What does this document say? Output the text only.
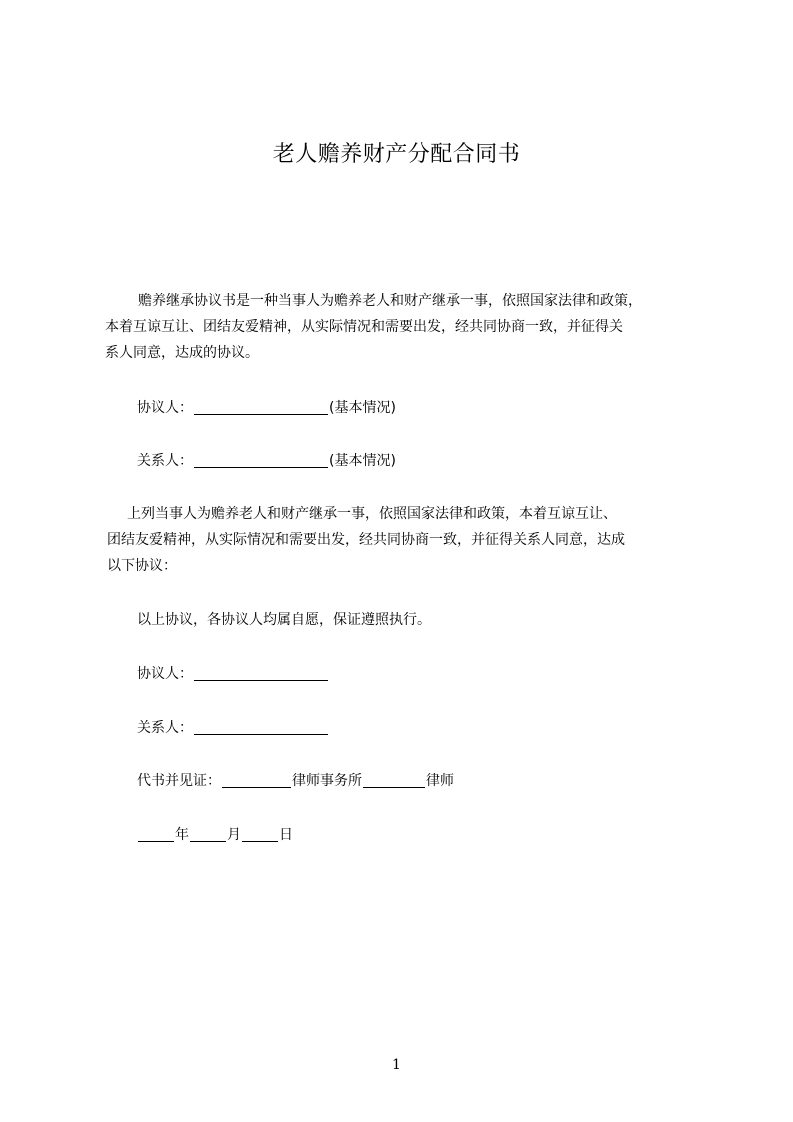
老人赡养财产分配合同书
赡养继承协议书是一种当事人为赡养老人和财产继承一事，依照国家法律和政策，
本着互谅互让、团结友爱精神，从实际情况和需要出发，经共同协商一致，并征得关
系人同意，达成的协议。
协议人：	(基本情况)
关系人：	(基本情况)
上列当事人为赡养老人和财产继承一事，依照国家法律和政策，本着互谅互让、
团结友爱精神，从实际情况和需要出发，经共同协商一致，并征得关系人同意，达成
以下协议：
以上协议，各协议人均属自愿，保证遵照执行。
协议人：
关系人：
代书并见证：	律师事务所	律师
年	月	日
1
